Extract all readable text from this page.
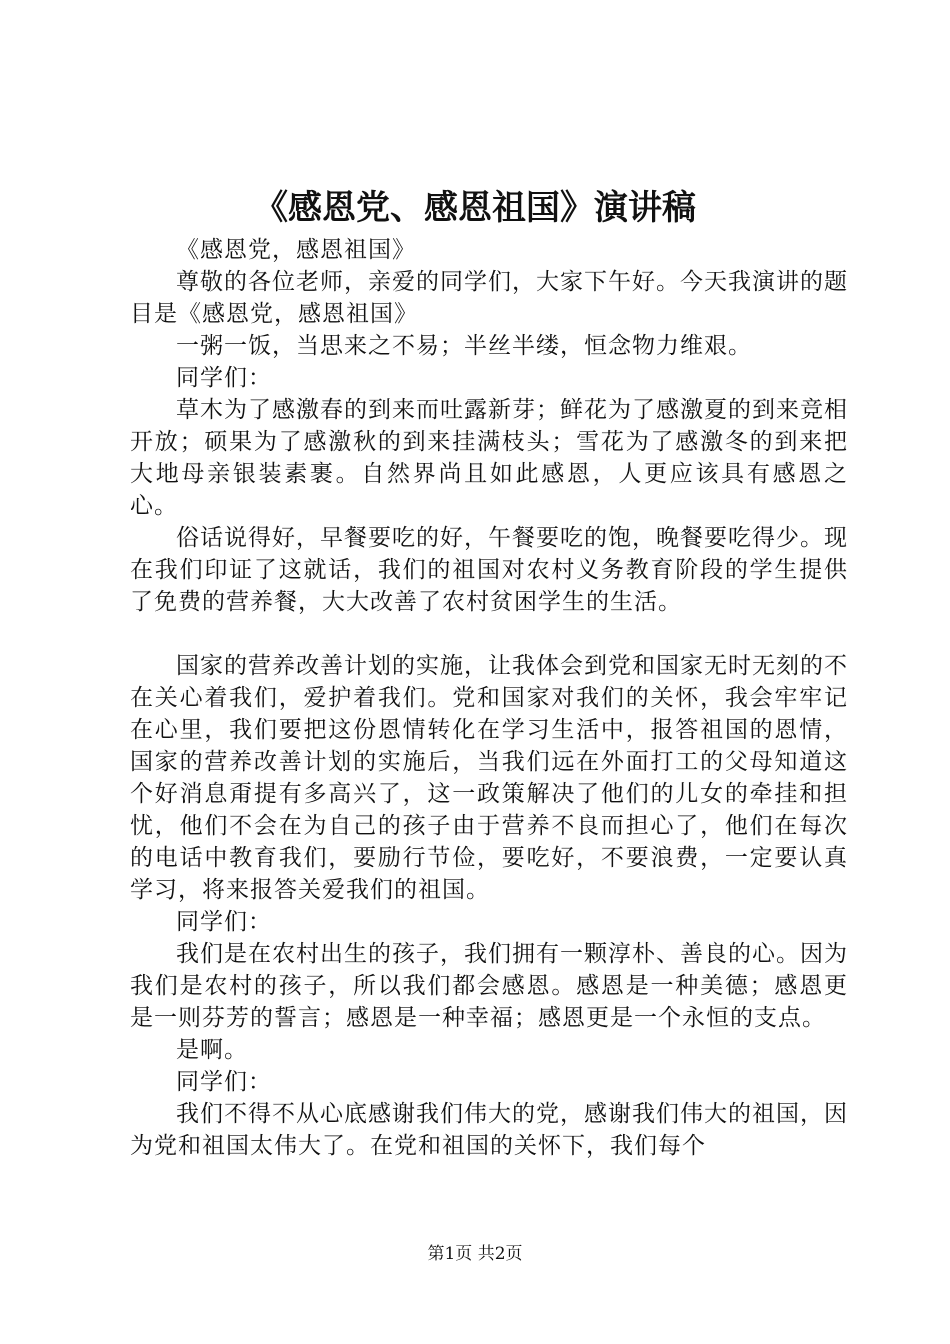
《感恩党、感恩祖国》演讲稿

《感恩党，感恩祖国》

尊敬的各位老师，亲爱的同学们，大家下午好。今天我演讲的题目是《感恩党，感恩祖国》

一粥一饭，当思来之不易；半丝半缕，恒念物力维艰。

同学们：

草木为了感激春的到来而吐露新芽；鲜花为了感激夏的到来竞相开放；硕果为了感激秋的到来挂满枝头；雪花为了感激冬的到来把大地母亲银装素裹。自然界尚且如此感恩，人更应该具有感恩之心。

俗话说得好，早餐要吃的好，午餐要吃的饱，晚餐要吃得少。现在我们印证了这就话，我们的祖国对农村义务教育阶段的学生提供了免费的营养餐，大大改善了农村贫困学生的生活。

国家的营养改善计划的实施，让我体会到党和国家无时无刻的不在关心着我们，爱护着我们。党和国家对我们的关怀，我会牢牢记在心里，我们要把这份恩情转化在学习生活中，报答祖国的恩情，国家的营养改善计划的实施后，当我们远在外面打工的父母知道这个好消息甭提有多高兴了，这一政策解决了他们的儿女的牵挂和担忧，他们不会在为自己的孩子由于营养不良而担心了，他们在每次的电话中教育我们，要励行节俭，要吃好，不要浪费，一定要认真学习，将来报答关爱我们的祖国。

同学们：

我们是在农村出生的孩子，我们拥有一颗淳朴、善良的心。因为我们是农村的孩子，所以我们都会感恩。感恩是一种美德；感恩更是一则芬芳的誓言；感恩是一种幸福；感恩更是一个永恒的支点。

是啊。

同学们：

我们不得不从心底感谢我们伟大的党，感谢我们伟大的祖国，因为党和祖国太伟大了。在党和祖国的关怀下，我们每个

第1页 共2页
